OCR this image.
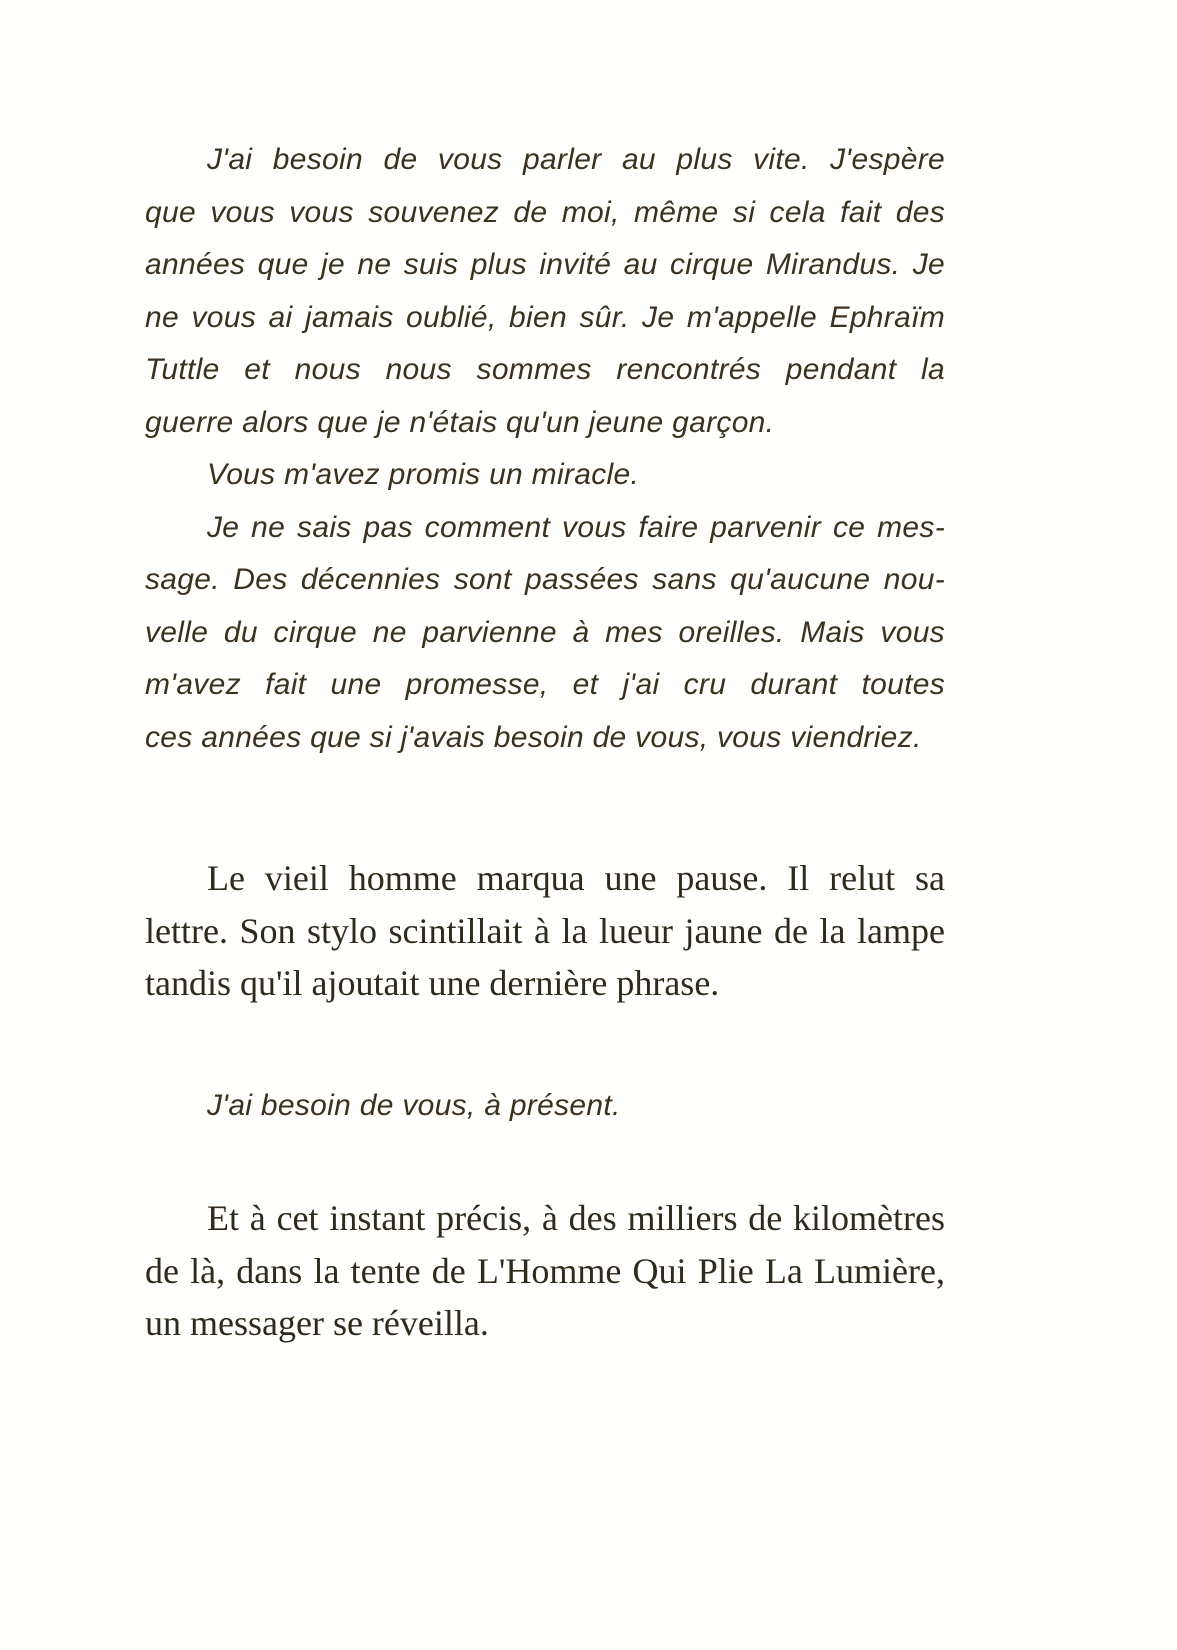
J'ai besoin de vous parler au plus vite. J'espère
que vous vous souvenez de moi, même si cela fait des
années que je ne suis plus invité au cirque Mirandus. Je
ne vous ai jamais oublié, bien sûr. Je m'appelle Ephraïm
Tuttle et nous nous sommes rencontrés pendant la
guerre alors que je n'étais qu'un jeune garçon.

Vous m'avez promis un miracle.

Je ne sais pas comment vous faire parvenir ce mes-
sage. Des décennies sont passées sans qu'aucune nou-
velle du cirque ne parvienne à mes oreilles. Mais vous
m'avez fait une promesse, et j'ai cru durant toutes
ces années que si j'avais besoin de vous, vous viendriez.

Le vieil homme marqua une pause. Il relut sa
lettre. Son stylo scintillait à la lueur jaune de la lampe
tandis qu'il ajoutait une dernière phrase.

J'ai besoin de vous, à présent.

Et à cet instant précis, à des milliers de kilomètres
de là, dans la tente de L'Homme Qui Plie La Lumière,
un messager se réveilla.
